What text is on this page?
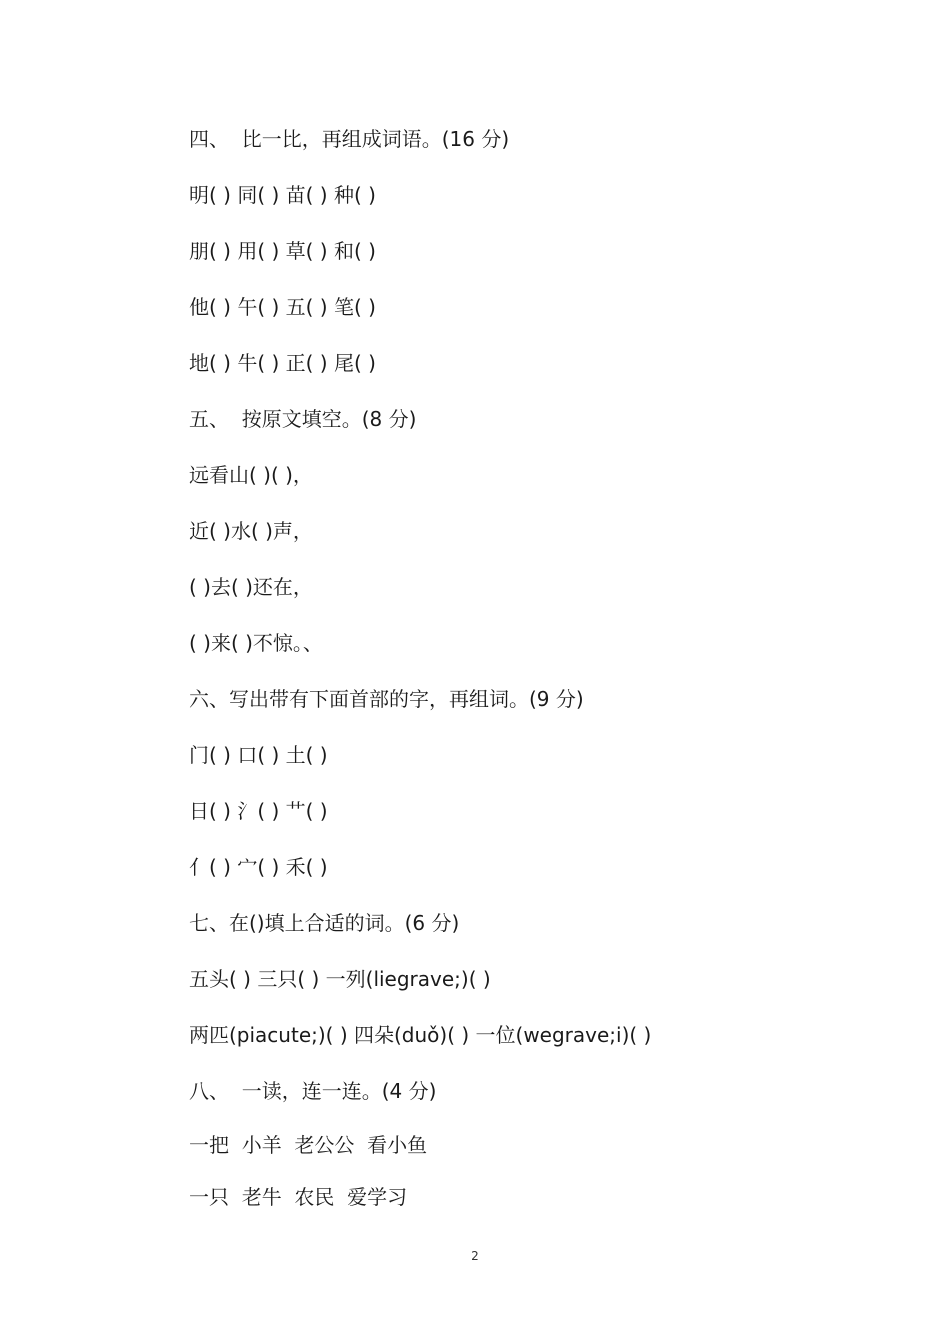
四、  比一比，再组成词语。(16 分)
明( ) 同( ) 苗( ) 种( )
朋( ) 用( ) 草( ) 和( )
他( ) 午( ) 五( ) 笔( )
地( ) 牛( ) 正( ) 尾( )
五、  按原文填空。(8 分)
远看山( )( )，
近( )水( )声，
( )去( )还在，
( )来( )不惊。、
六、写出带有下面首部的字，再组词。(9 分)
门( ) 口( ) 土( )
日( ) 氵( ) 艹( )
亻( ) 宀( ) 禾( )
七、在()填上合适的词。(6 分)
五头( ) 三只( ) 一列(liegrave;)( )
两匹(piacute;)( ) 四朵(duǒ)( ) 一位(wegrave;i)( )
八、  一读，连一连。(4 分)
一把  小羊  老公公  看小鱼
一只  老牛  农民  爱学习
2
